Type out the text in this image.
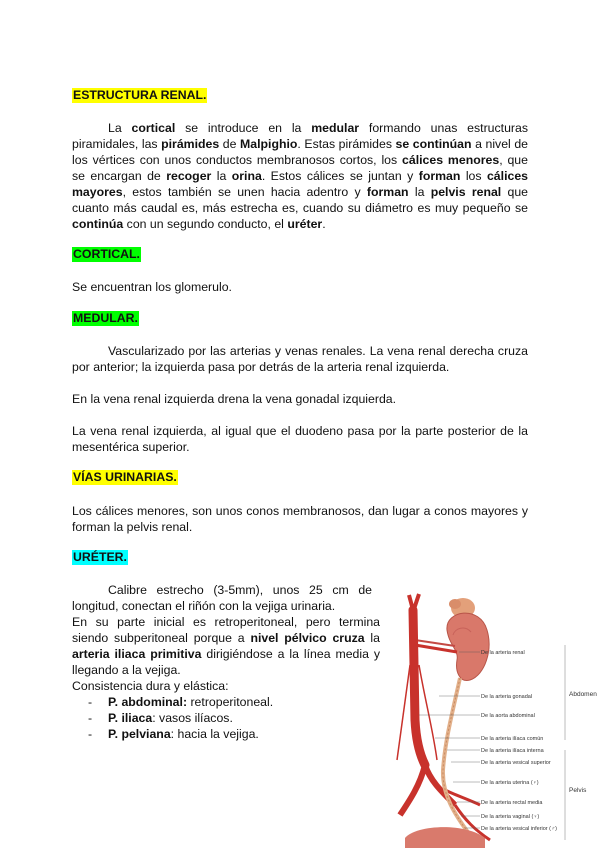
ESTRUCTURA RENAL.

La cortical se introduce en la medular formando unas estructuras piramidales, las pirámides de Malpighio. Estas pirámides se continúan a nivel de los vértices con unos conductos membranosos cortos, los cálices menores, que se encargan de recoger la orina. Estos cálices se juntan y forman los cálices mayores, estos también se unen hacia adentro y forman la pelvis renal que cuanto más caudal es, más estrecha es, cuando su diámetro es muy pequeño se continúa con un segundo conducto, el uréter.

CORTICAL.

Se encuentran los glomerulo.

MEDULAR.

Vascularizado por las arterias y venas renales. La vena renal derecha cruza por anterior; la izquierda pasa por detrás de la arteria renal izquierda.

En la vena renal izquierda drena la vena gonadal izquierda.

La vena renal izquierda, al igual que el duodeno pasa por la parte posterior de la mesentérica superior.

VÍAS URINARIAS.

Los cálices menores, son unos conos membranosos, dan lugar a conos mayores y forman la pelvis renal.

URÉTER.

Calibre estrecho (3-5mm), unos 25 cm de longitud, conectan el riñón con la vejiga urinaria.

En su parte inicial es retroperitoneal, pero termina siendo subperitoneal porque a nivel pélvico cruza la arteria iliaca primitiva dirigiéndose a la línea media y llegando a la vejiga.

Consistencia dura y elástica:

- P. abdominal: retroperitoneal.
- P. iliaca: vasos ilíacos.
- P. pelviana: hacia la vejiga.
De la arteria renal
De la arteria gonadal
De la aorta abdominal
De la arteria ilíaca común
De la arteria ilíaca interna
De la arteria vesical superior
De la arteria uterina (♀)
De la arteria rectal media
De la arteria vaginal (♀)
De la arteria vesical inferior (♂)
Abdomen
Pelvis
